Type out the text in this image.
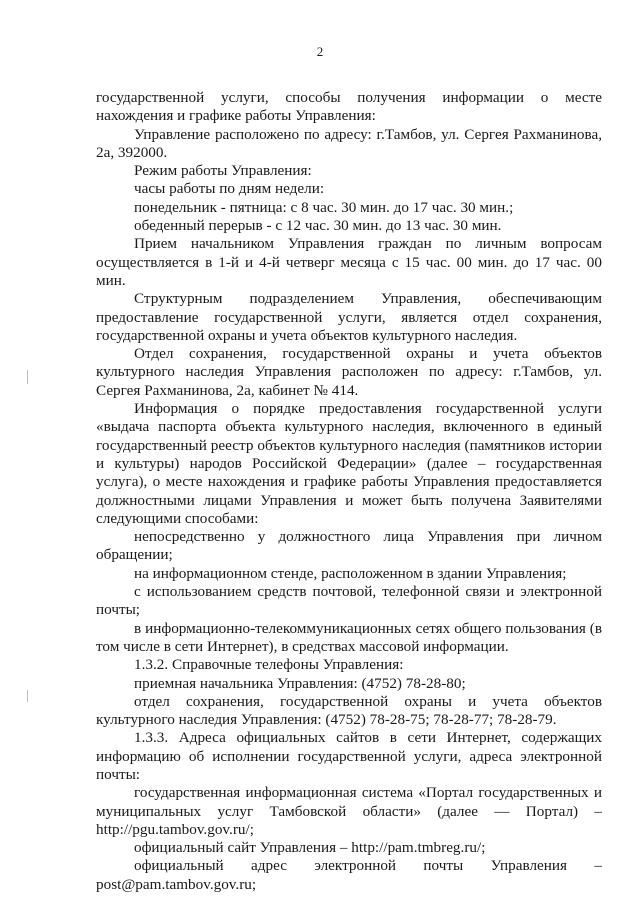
2

государственной услуги, способы получения информации о месте нахождения и графике работы Управления:

Управление расположено по адресу: г.Тамбов, ул. Сергея Рахманинова, 2а, 392000.

Режим работы Управления:

часы работы по дням недели:

понедельник - пятница: с 8 час. 30 мин. до 17 час. 30 мин.;

обеденный перерыв - с 12 час. 30 мин. до 13 час. 30 мин.

Прием начальником Управления граждан по личным вопросам осуществляется в 1-й и 4-й четверг месяца с 15 час. 00 мин. до 17 час. 00 мин.

Структурным подразделением Управления, обеспечивающим предоставление государственной услуги, является отдел сохранения, государственной охраны и учета объектов культурного наследия.

Отдел сохранения, государственной охраны и учета объектов культурного наследия Управления расположен по адресу: г.Тамбов, ул. Сергея Рахманинова, 2а, кабинет № 414.

Информация о порядке предоставления государственной услуги «выдача паспорта объекта культурного наследия, включенного в единый государственный реестр объектов культурного наследия (памятников истории и культуры) народов Российской Федерации» (далее – государственная услуга), о месте нахождения и графике работы Управления предоставляется должностными лицами Управления и может быть получена Заявителями следующими способами:

непосредственно у должностного лица Управления при личном обращении;

на информационном стенде, расположенном в здании Управления;

с использованием средств почтовой, телефонной связи и электронной почты;

в информационно-телекоммуникационных сетях общего пользования (в том числе в сети Интернет), в средствах массовой информации.

1.3.2. Справочные телефоны Управления:

приемная начальника Управления: (4752) 78-28-80;

отдел сохранения, государственной охраны и учета объектов культурного наследия Управления: (4752) 78-28-75; 78-28-77; 78-28-79.

1.3.3. Адреса официальных сайтов в сети Интернет, содержащих информацию об исполнении государственной услуги, адреса электронной почты:

государственная информационная система «Портал государственных и муниципальных услуг Тамбовской области» (далее — Портал) – http://pgu.tambov.gov.ru/;

официальный сайт Управления – http://pam.tmbreg.ru/;

официальный адрес электронной почты Управления – post@pam.tambov.gov.ru;
